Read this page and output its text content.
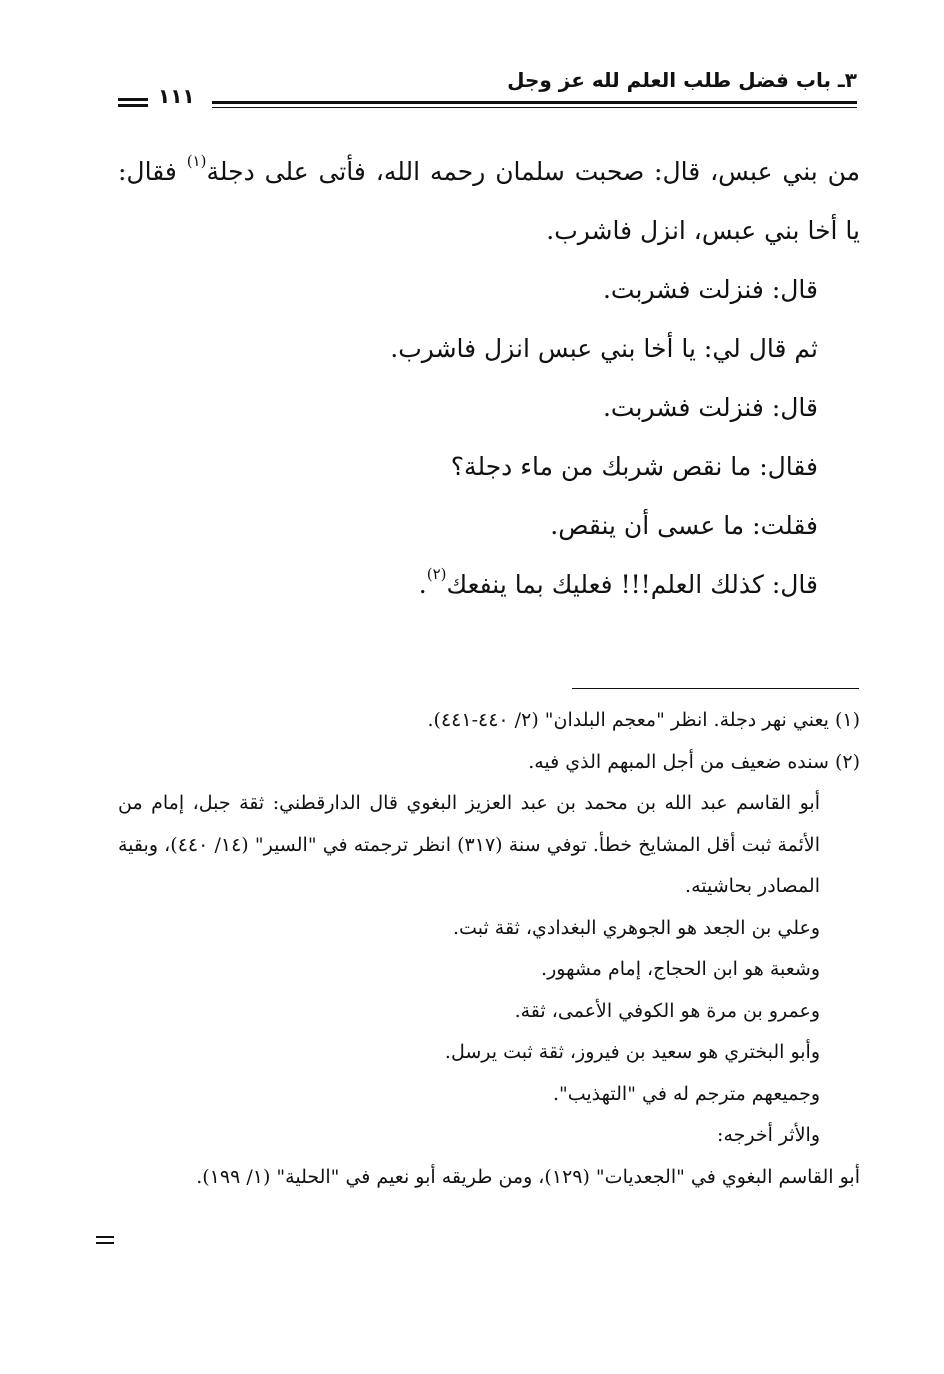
٣ـ باب فضل طلب العلم لله عز وجل
١١١

من بني عبس، قال: صحبت سلمان رحمه الله، فأتى على دجلة$^{(١)}$ فقال: يا أخا بني عبس، انزل فاشرب.

قال: فنزلت فشربت.

ثم قال لي: يا أخا بني عبس انزل فاشرب.

قال: فنزلت فشربت.

فقال: ما نقص شربك من ماء دجلة؟

فقلت: ما عسى أن ينقص.

قال: كذلك العلم!!! فعليك بما ينفعك$^{(٢)}$.

(١) يعني نهر دجلة. انظر "معجم البلدان" (٢/ ٤٤٠-٤٤١).

(٢) سنده ضعيف من أجل المبهم الذي فيه.

أبو القاسم عبد الله بن محمد بن عبد العزيز البغوي قال الدارقطني: ثقة جبل، إمام من الأئمة ثبت أقل المشايخ خطأ. توفي سنة (٣١٧) انظر ترجمته في "السير" (١٤/ ٤٤٠)، وبقية المصادر بحاشيته.

وعلي بن الجعد هو الجوهري البغدادي، ثقة ثبت.

وشعبة هو ابن الحجاج، إمام مشهور.

وعمرو بن مرة هو الكوفي الأعمى، ثقة.

وأبو البختري هو سعيد بن فيروز، ثقة ثبت يرسل.

وجميعهم مترجم له في "التهذيب".

والأثر أخرجه:

أبو القاسم البغوي في "الجعديات" (١٢٩)، ومن طريقه أبو نعيم في "الحلية" (١/ ١٩٩).
